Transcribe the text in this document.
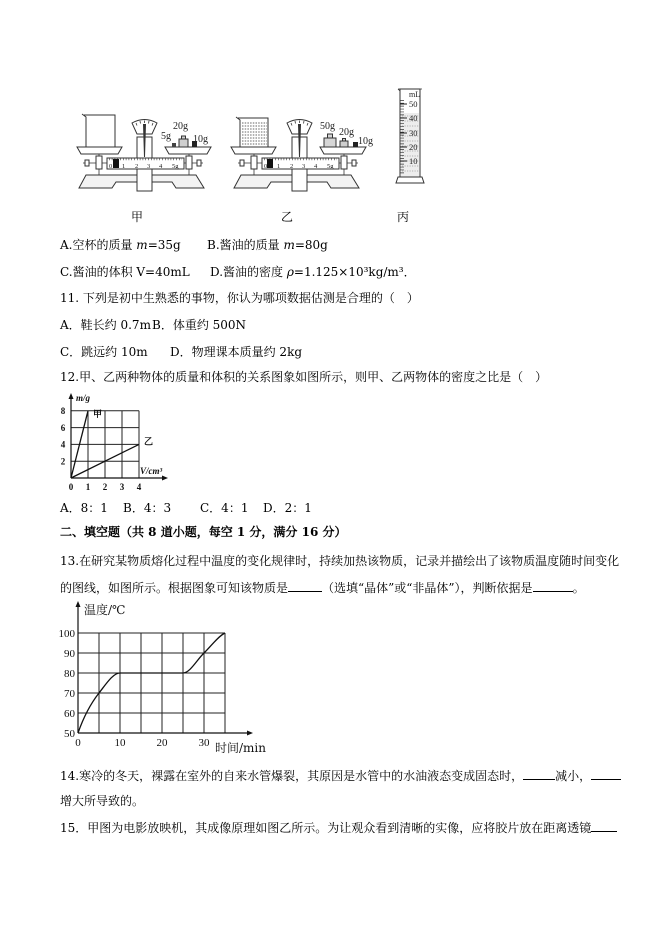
0 1 2 3 4 5g
5g
20g
10g
0 1 2 3 4 5g
50g
20g
10g
mL
50
40
30
20
10
甲	乙	丙
A.空杯的质量 m=35g B.酱油的质量 m=80g
C.酱油的体积 V=40mL D.酱油的密度 ρ=1.125×10³kg/m³．
11. 下列是初中生熟悉的事物，你认为哪项数据估测是合理的（　）
A．鞋长约 0.7m B．体重约 500N
C．跳远约 10m D．物理课本质量约 2kg
12.甲、乙两种物体的质量和体积的关系图象如图所示，则甲、乙两物体的密度之比是（　）
0 1 2 3 4
2
4
6
8
m/g
V/cm³
甲
乙
A．8：1 B．4：3 C．4：1 D．2：1
二、填空题（共 8 道小题，每空 1 分，满分 16 分）
13.在研究某物质熔化过程中温度的变化规律时，持续加热该物质，记录并描绘出了该物质温度随时间变化
的图线，如图所示。根据图象可知该物质是	（选填“晶体”或“非晶体”），判断依据是	。
0	10	20	30
50
60
70
80
90
100
温度/℃
时间/min
14.寒冷的冬天，裸露在室外的自来水管爆裂，其原因是水管中的水油液态变成固态时，	减小，
增大所导致的。
15．甲图为电影放映机，其成像原理如图乙所示。为让观众看到清晰的实像，应将胶片放在距离透镜
